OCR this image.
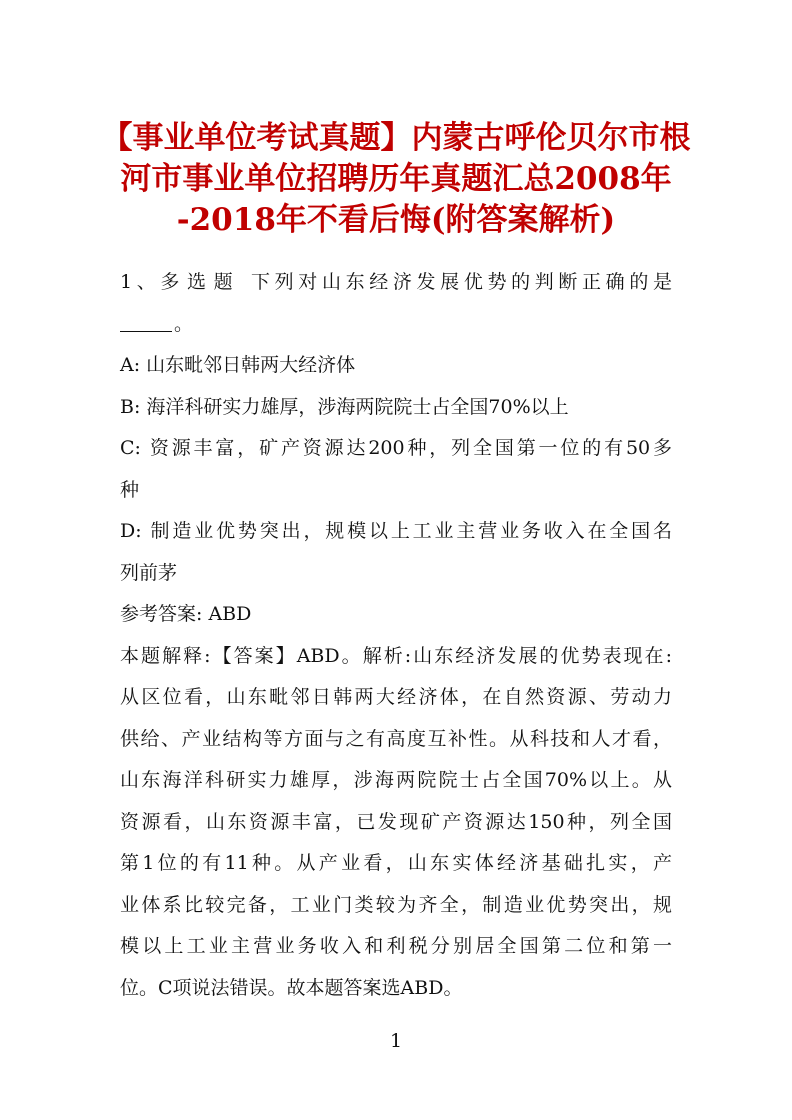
【事业单位考试真题】内蒙古呼伦贝尔市根
河市事业单位招聘历年真题汇总2008年
-2018年不看后悔(附答案解析)
1、多选题 下列对山东经济发展优势的判断正确的是
。
A: 山东毗邻日韩两大经济体
B: 海洋科研实力雄厚，涉海两院院士占全国70%以上
C: 资源丰富，矿产资源达200种，列全国第一位的有50多
种
D: 制造业优势突出，规模以上工业主营业务收入在全国名
列前茅
参考答案: ABD
本题解释:【答案】ABD。解析:山东经济发展的优势表现在:
从区位看，山东毗邻日韩两大经济体，在自然资源、劳动力
供给、产业结构等方面与之有高度互补性。从科技和人才看，
山东海洋科研实力雄厚，涉海两院院士占全国70%以上。从
资源看，山东资源丰富，已发现矿产资源达150种，列全国
第1位的有11种。从产业看，山东实体经济基础扎实，产
业体系比较完备，工业门类较为齐全，制造业优势突出，规
模以上工业主营业务收入和利税分别居全国第二位和第一
位。C项说法错误。故本题答案选ABD。
1
